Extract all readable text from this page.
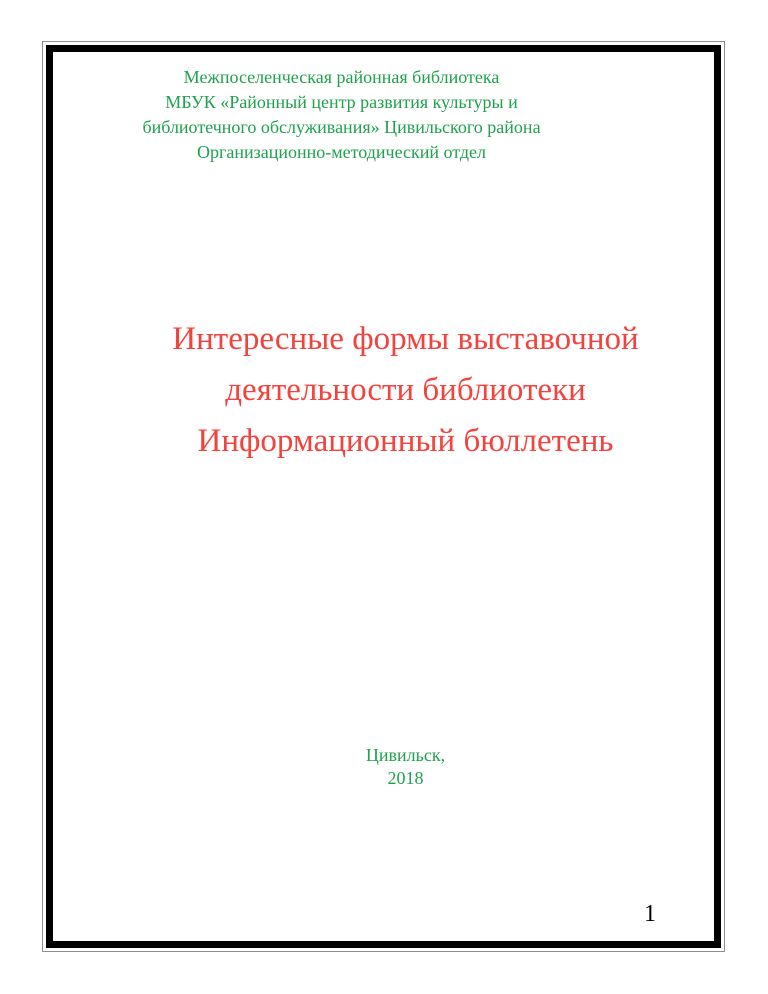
Межпоселенческая районная библиотека
МБУК «Районный центр развития культуры и
библиотечного обслуживания» Цивильского района
Организационно-методический отдел
Интересные формы выставочной
деятельности библиотеки
Информационный бюллетень
Цивильск,
2018
1
